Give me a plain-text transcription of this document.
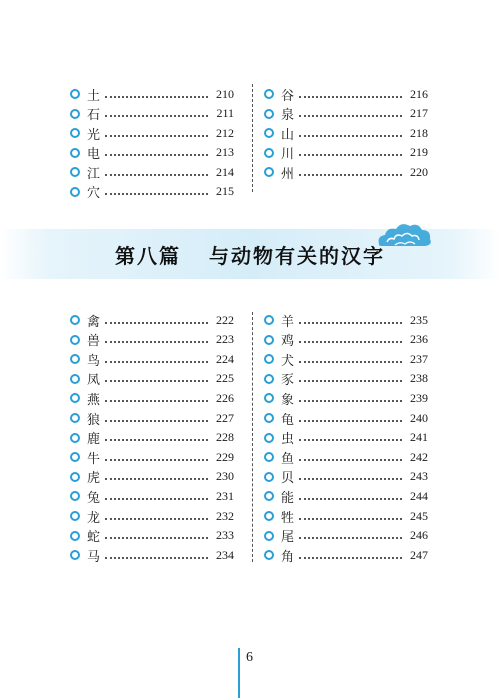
土	210
石	211
光	212
电	213
江	214
穴	215
谷	216
泉	217
山	218
川	219
州	220
第八篇 与动物有关的汉字
禽	222
兽	223
鸟	224
凤	225
燕	226
狼	227
鹿	228
牛	229
虎	230
兔	231
龙	232
蛇	233
马	234
羊	235
鸡	236
犬	237
豕	238
象	239
龟	240
虫	241
鱼	242
贝	243
能	244
牲	245
尾	246
角	247
6
